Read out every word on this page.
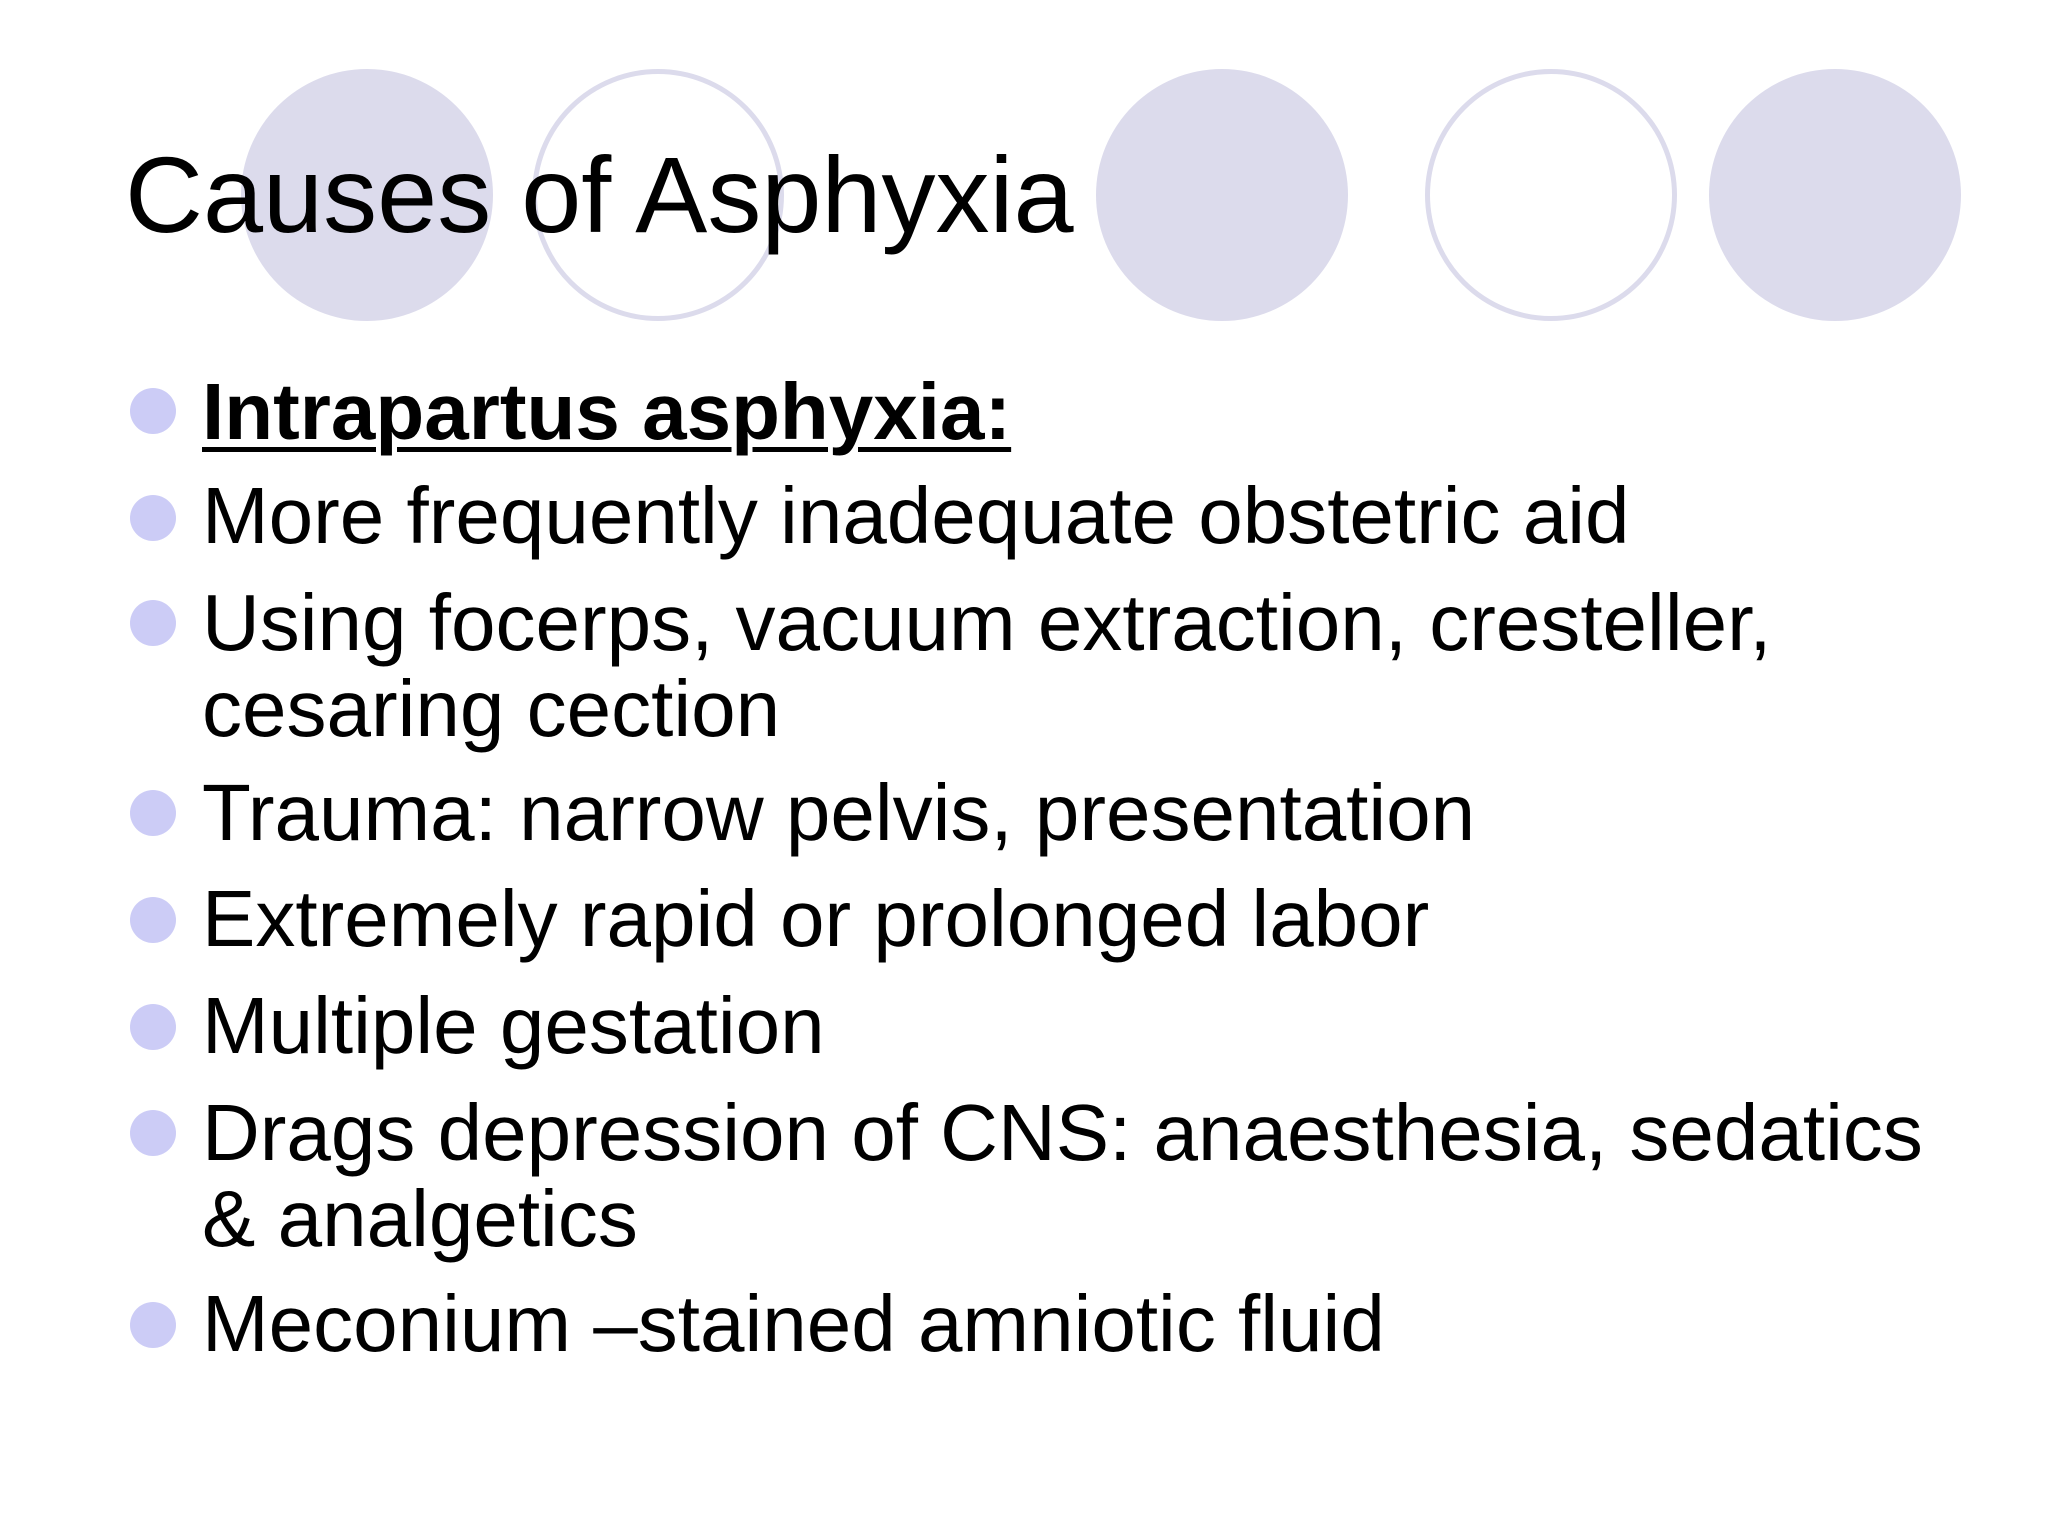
Causes of Asphyxia
Intrapartus asphyxia:
More frequently inadequate obstetric aid
Using focerps, vacuum extraction, cresteller,
cesaring cection
Trauma: narrow pelvis, presentation
Extremely rapid or prolonged labor
Multiple gestation
Drags depression of CNS: anaesthesia, sedatics
& analgetics
Meconium –stained amniotic fluid
